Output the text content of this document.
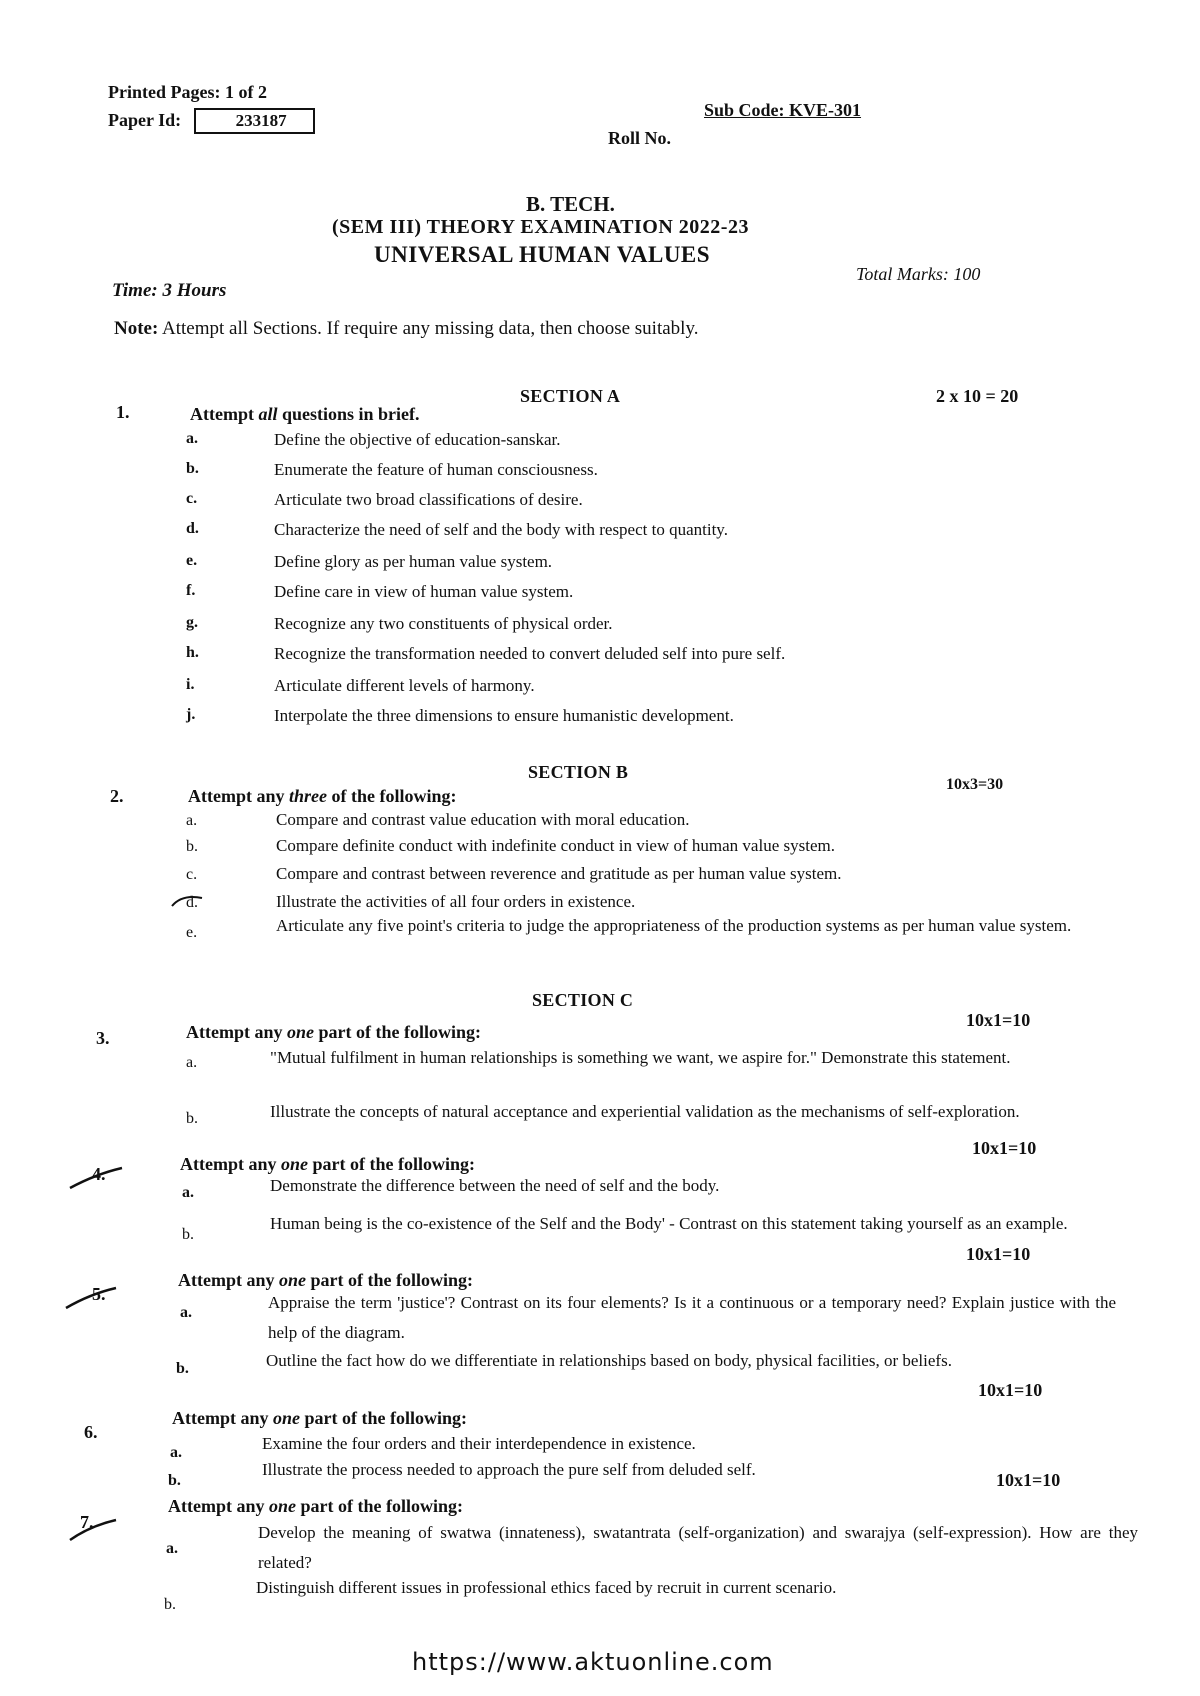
Printed Pages: 1 of 2
Paper Id:	233187
Sub Code: KVE-301
Roll No.
B. TECH.
(SEM III) THEORY EXAMINATION 2022-23
UNIVERSAL HUMAN VALUES
Time: 3 Hours
Total Marks: 100
Note: Attempt all Sections. If require any missing data, then choose suitably.
SECTION A	2 x 10 = 20
1.	Attempt all questions in brief.
a.	Define the objective of education-sanskar.
b.	Enumerate the feature of human consciousness.
c.	Articulate two broad classifications of desire.
d.	Characterize the need of self and the body with respect to quantity.
e.	Define glory as per human value system.
f.	Define care in view of human value system.
g.	Recognize any two constituents of physical order.
h.	Recognize the transformation needed to convert deluded self into pure self.
i.	Articulate different levels of harmony.
j.	Interpolate the three dimensions to ensure humanistic development.
SECTION B
10x3=30
2.	Attempt any three of the following:
a.	Compare and contrast value education with moral education.
b.	Compare definite conduct with indefinite conduct in view of human value system.
c.	Compare and contrast between reverence and gratitude as per human value system.
d.	Illustrate the activities of all four orders in existence.
e.	Articulate any five point's criteria to judge the appropriateness of the production systems as per human value system.
SECTION C
3.	Attempt any one part of the following:
10x1=10
a.	"Mutual fulfilment in human relationships is something we want, we aspire for." Demonstrate this statement.
b.	Illustrate the concepts of natural acceptance and experiential validation as the mechanisms of self-exploration.
4.	Attempt any one part of the following:
10x1=10
a.	Demonstrate the difference between the need of self and the body.
b.
Human being is the co-existence of the Self and the Body' - Contrast on this statement taking yourself as an example.
5.
Attempt any one part of the following:
10x1=10
a.
Appraise the term 'justice'? Contrast on its four elements? Is it a continuous or a temporary need? Explain justice with the help of the diagram.
b.	Outline the fact how do we differentiate in relationships based on body, physical facilities, or beliefs.
6.
Attempt any one part of the following:
10x1=10
a.	Examine the four orders and their interdependence in existence.
b.
Illustrate the process needed to approach the pure self from deluded self.
7.
Attempt any one part of the following:
10x1=10
a.
Develop the meaning of swatwa (innateness), swatantrata (self-organization) and swarajya (self-expression). How are they related?
b.
Distinguish different issues in professional ethics faced by recruit in current scenario.
https://www.aktuonline.com
